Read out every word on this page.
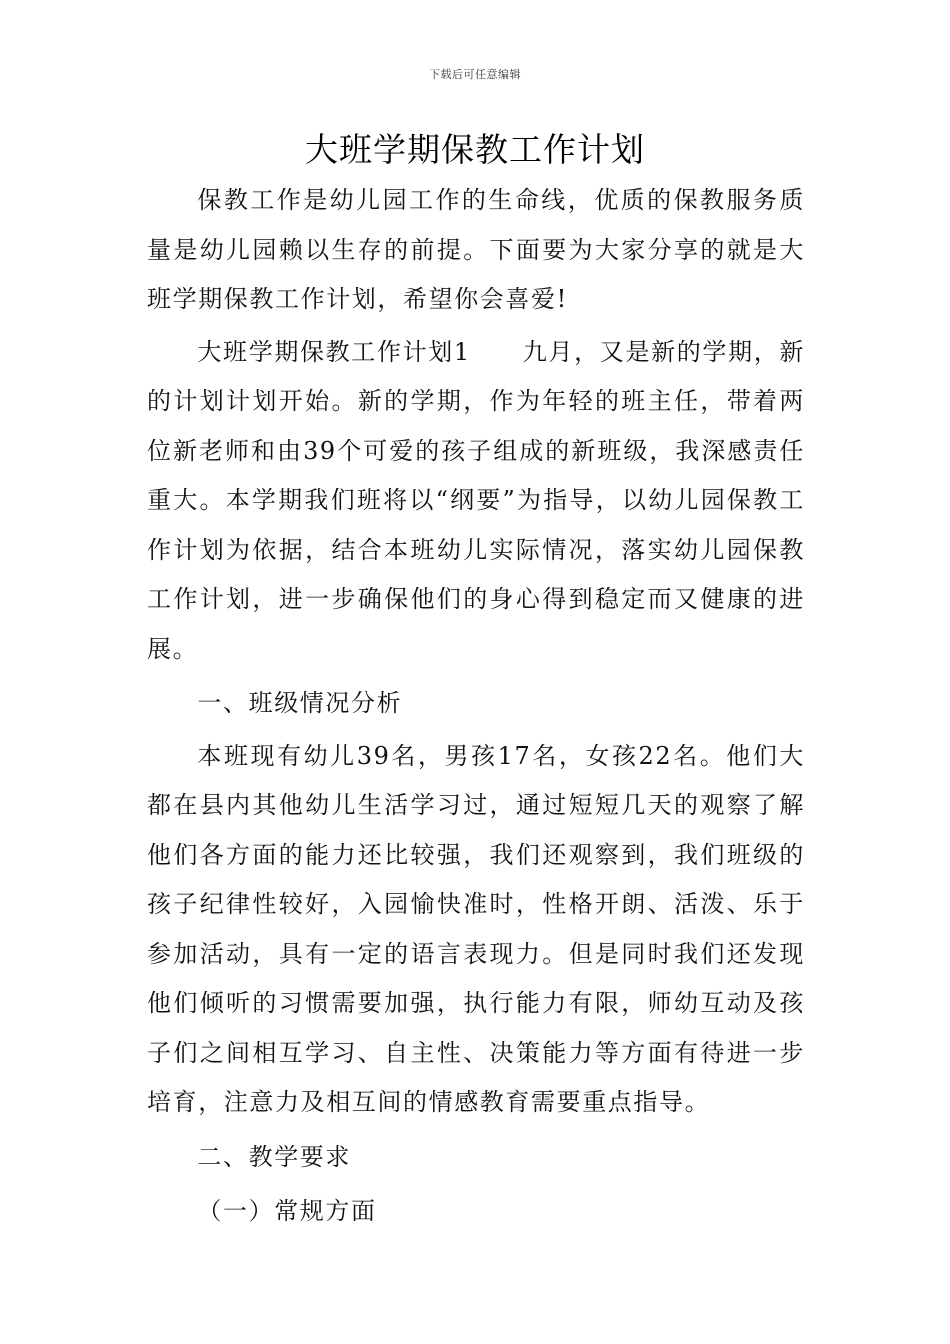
下载后可任意编辑
大班学期保教工作计划

保教工作是幼儿园工作的生命线，优质的保教服务质量是幼儿园赖以生存的前提。下面要为大家分享的就是大班学期保教工作计划，希望你会喜爱!

大班学期保教工作计划1 九月，又是新的学期，新的计划计划开始。新的学期，作为年轻的班主任，带着两位新老师和由39个可爱的孩子组成的新班级，我深感责任重大。本学期我们班将以“纲要”为指导，以幼儿园保教工作计划为依据，结合本班幼儿实际情况，落实幼儿园保教工作计划，进一步确保他们的身心得到稳定而又健康的进展。

一、班级情况分析

本班现有幼儿39名，男孩17名，女孩22名。他们大都在县内其他幼儿生活学习过，通过短短几天的观察了解他们各方面的能力还比较强，我们还观察到，我们班级的孩子纪律性较好，入园愉快准时，性格开朗、活泼、乐于参加活动，具有一定的语言表现力。但是同时我们还发现他们倾听的习惯需要加强，执行能力有限，师幼互动及孩子们之间相互学习、自主性、决策能力等方面有待进一步培育，注意力及相互间的情感教育需要重点指导。

二、教学要求

（一）常规方面
